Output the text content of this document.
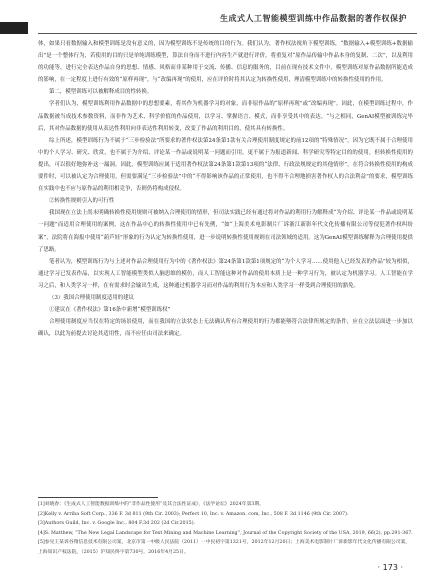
生成式人工智能模型训练中作品数据的著作权保护

体，如果只看数据输入和模型训练是没有意义的，因为模型训练不是传统的目的行为。我们认为，著作权法视角下模型训练，“数据输入+模型训练+数据输出”是一个整体行为，若使用的目的只是单纯训练模型，算法自身而不进行内容生产就进行评价，将重复对“原作品传输中作品本身的复制、二次”，以及利用的功能等，进行完全表达作品自身的思想、情感、风格而非某种用于交流、传播、信息的服务的，目前在现有技术文件中，模型训练对原作品数据所能造成的影响，在一定程度上进行有效的“原样再现”，与“改编再现”的使用，应在评价时将其认定为转换性使用，理清模型训练中的转换性使用的作用。

第二，模型训练可以被解释成目的性转换。

学者们认为，模型训练利用作品数据中的思想要素，将其作为机器学习的对象，而非原作品的“原样再现”或“改编再现”。因此，在模型训练过程中，作品数据被当成技术参数资料，而非作为艺术、科学价值的作品使用，以学习、掌握语言、模式，而非享受其中的表达。“与之相同，GenAI模型被训练完毕后，其对作品数据的使用从表达性利用向非表达性利用转变，改变了作品的利用目的，使其具有转换性。

综上所述，模型训练行为不属于“三步检验法”所要求的著作权法第24条第1款有关合理使用制度规定的前12项的“特殊情况”，因为它既不属于合理使用中的个人学习、研究、欣赏，也不属于为介绍、评论某一作品或说明某一问题而引用，更不属于为报道新闻、科学研究等特定目的的使用，但转换性使用的提出，可以很好地弥补这一漏洞。因此，模型训练应属于适用著作权法第24条第1款第13项的“法律、行政法规规定的其他情形”，在符合转换性使用的构成要件时，可以被认定为合理使用，但需要满足“三步检验法”中的“不得影响该作品的正常使用，也不得不合理地损害著作权人的合法利益”的要求，模型训练在实践中也不应与原作品的利用相竞争，否则仍将构成侵权。

②转换性规则引入的可行性

我国现在立法上尚未明确转换性使用规则可被纳入合理使用的情形，但司法实践已经有通过将对作品的利用行为解释成“为介绍、评论某一作品或说明某一问题”而适用合理使用的案例，这在作品中心的转换性使用中已有先例，“如“上海美术电影制片厂诉浙江新影年代文化传播有限公司等侵犯著作权纠纷案”，法院将在海报中使用“葫芦娃”形象的行为认定为转换性使用，进一步说明转换性使用规则在司法领域的适用。这为GenAI模型训练解释为合理使用提供了思路。

笔者认为，模型训练行为与上述对作品合理使用行为中的《著作权法》第24条第1款第1项规定的“为个人学习……使用他人已经发表的作品”较为相似，通过学习已发表作品，以实现人工智能模型类似人脑思维的模仿，而人工智能这种对作品的使用本质上是一种学习行为，被认定为机器学习。人工智能在学习之后，和人类学习一样，在有需求时会输出生成，这种通过机器学习而对作品的利用行为本应和人类学习一样受到合理使用的豁免。

（3）我国合理使用制度适用的建议

①建议在《著作权法》第16条中新增“模型训练权”

合理使用制度应当仅在特定的场景使用，而在我国的立法状态上无法确认所有合理使用的行为都能够符合法律所规定的条件，应在立法层面进一步加以确认，以此为前提去讨论其适用性，而不应任由司法来确定。

[1]刘晓春：《生成式人工智能数据训练中的“非作品性使用”及其合法性证成》，《法学论坛》2024年第3期。

[2]Kelly v. Arriba Soft Corp., 336 F. 3d 811 (9th Cir. 2003); Perfect 10, Inc. v. Amazon. com, Inc., 508 F. 3d 1146 (9th Cir. 2007).

[3]Authors Guild, Inc. v. Google Inc., 804 F.3d 202 (2d Cir.2015).

[4]S. Matthew, “The New Legal Landscape for Text Mining and Machine Learning”, Journal of the Copyright Society of the USA, 2019, 66(2), pp.291-367.

[5]参见王某诉谷翔信息技术有限公司案，北京市第一中级人民法院（2011）一中民初字第1321号，2012年12月20日；上海美术电影制片厂诉新影年代文化传播有限公司案，上海知识产权法院，（2015）沪知民终字第730号，2016年4月25日。

· 173 ·
